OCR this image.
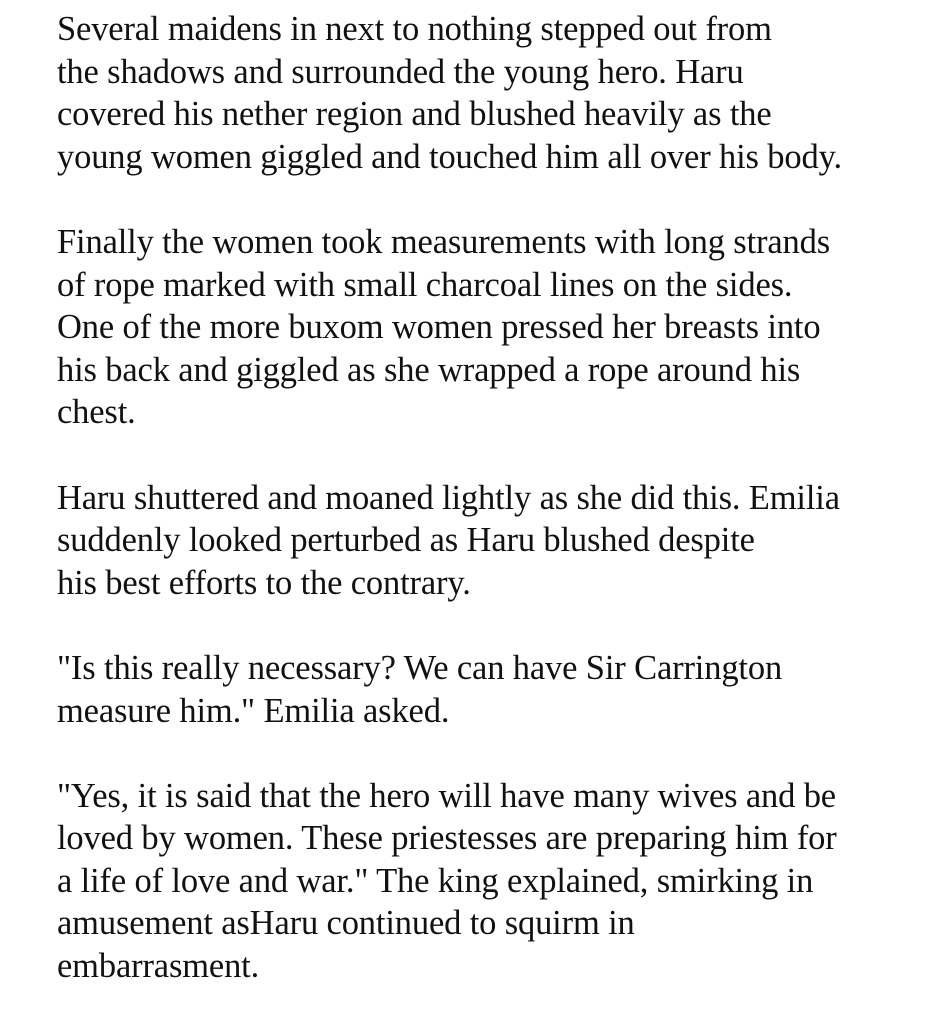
Several maidens in next to nothing stepped out from
the shadows and surrounded the young hero. Haru
covered his nether region and blushed heavily as the
young women giggled and touched him all over his body.

Finally the women took measurements with long strands
of rope marked with small charcoal lines on the sides.
One of the more buxom women pressed her breasts into
his back and giggled as she wrapped a rope around his
chest.

Haru shuttered and moaned lightly as she did this. Emilia
suddenly looked perturbed as Haru blushed despite
his best efforts to the contrary.

"Is this really necessary? We can have Sir Carrington
measure him." Emilia asked.

"Yes, it is said that the hero will have many wives and be
loved by women. These priestesses are preparing him for
a life of love and war." The king explained, smirking in
amusement asHaru continued to squirm in
embarrasment.
